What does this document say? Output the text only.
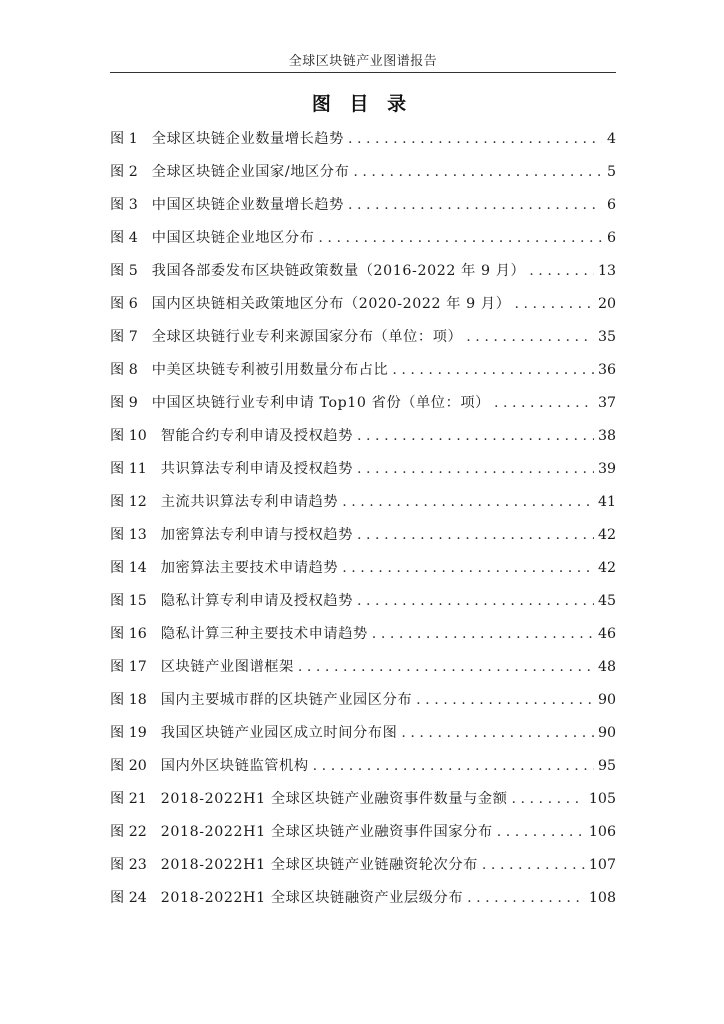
全球区块链产业图谱报告
图 目 录
图 1 全球区块链企业数量增长趋势 . . .	4
图 2 全球区块链企业国家/地区分布 . . .	5
图 3 中国区块链企业数量增长趋势 . . .	6
图 4 中国区块链企业地区分布 . . .	6
图 5 我国各部委发布区块链政策数量（2016-2022 年 9 月） . . .	13
图 6 国内区块链相关政策地区分布（2020-2022 年 9 月） . . .	20
图 7 全球区块链行业专利来源国家分布（单位：项） . . .	35
图 8 中美区块链专利被引用数量分布占比 . . .	36
图 9 中国区块链行业专利申请 Top10 省份（单位：项） . . .	37
图 10 智能合约专利申请及授权趋势 . . .	38
图 11 共识算法专利申请及授权趋势 . . .	39
图 12 主流共识算法专利申请趋势 . . .	41
图 13 加密算法专利申请与授权趋势 . . .	42
图 14 加密算法主要技术申请趋势 . . .	42
图 15 隐私计算专利申请及授权趋势 . . .	45
图 16 隐私计算三种主要技术申请趋势 . . .	46
图 17 区块链产业图谱框架 . . .	48
图 18 国内主要城市群的区块链产业园区分布 . . .	90
图 19 我国区块链产业园区成立时间分布图 . . .	90
图 20 国内外区块链监管机构 . . .	95
图 21 2018-2022H1 全球区块链产业融资事件数量与金额 . . .	105
图 22 2018-2022H1 全球区块链产业融资事件国家分布 . . .	106
图 23 2018-2022H1 全球区块链产业链融资轮次分布 . . .	107
图 24 2018-2022H1 全球区块链融资产业层级分布 . . .	108
